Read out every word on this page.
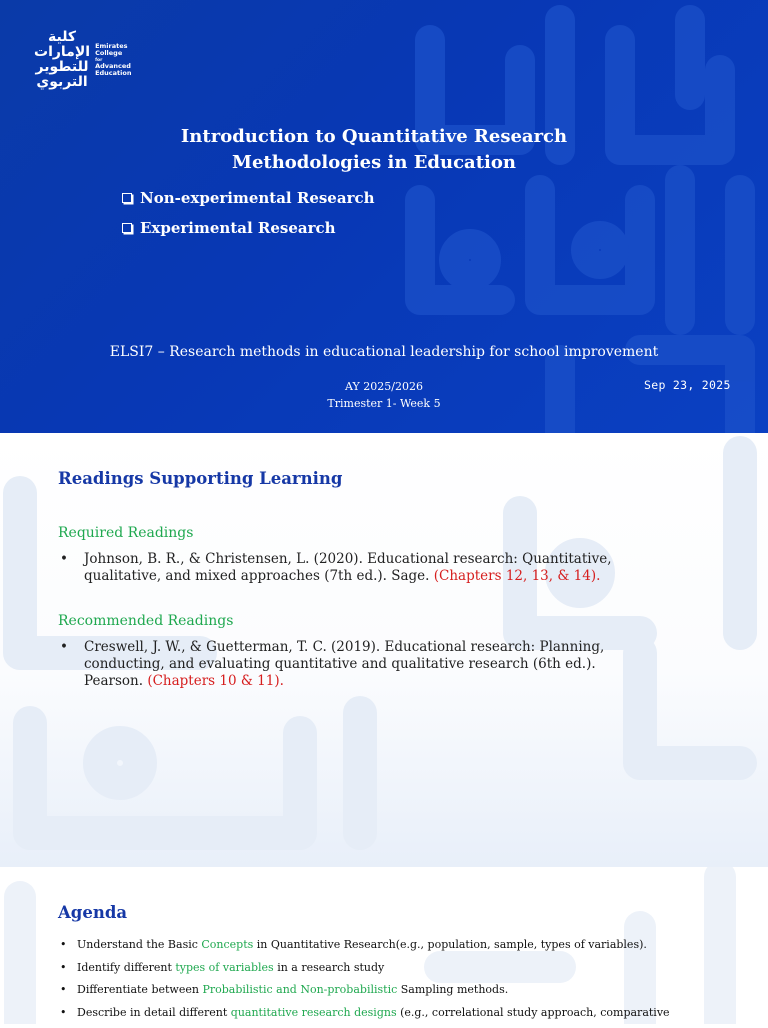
كلية
الإمارات
للتطوير
التربوي
Emirates
College
for
Advanced
Education
Introduction to Quantitative Research
Methodologies in Education
Non-experimental Research
Experimental Research
ELSI7 – Research methods in educational leadership for school improvement
AY 2025/2026
Trimester 1- Week 5
Sep 23, 2025
Readings Supporting Learning
Required Readings
•	Johnson, B. R., & Christensen, L. (2020). Educational research: Quantitative, qualitative, and mixed approaches (7th ed.). Sage. (Chapters 12, 13, & 14).
Recommended Readings
•	Creswell, J. W., & Guetterman, T. C. (2019). Educational research: Planning, conducting, and evaluating quantitative and qualitative research (6th ed.). Pearson. (Chapters 10 & 11).
Agenda
• Understand the Basic Concepts in Quantitative Research(e.g., population, sample, types of variables).
• Identify different types of variables in a research study
• Differentiate between Probabilistic and Non-probabilistic Sampling methods.
• Describe in detail different quantitative research designs (e.g., correlational study approach, comparative
